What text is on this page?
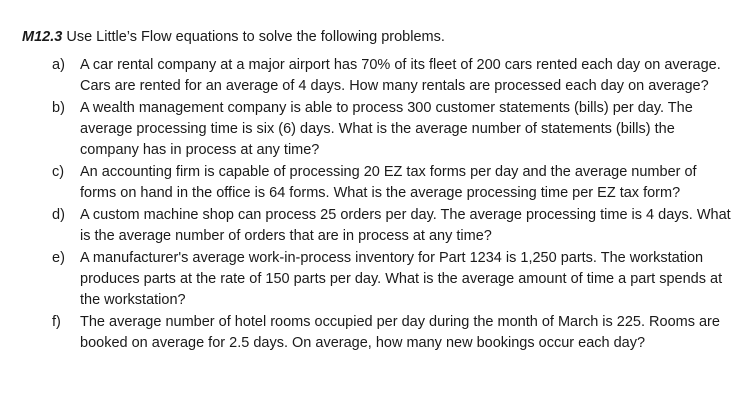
M12.3 Use Little’s Flow equations to solve the following problems.

a) A car rental company at a major airport has 70% of its fleet of 200 cars rented each day on average. Cars are rented for an average of 4 days. How many rentals are processed each day on average?
b) A wealth management company is able to process 300 customer statements (bills) per day. The average processing time is six (6) days. What is the average number of statements (bills) the company has in process at any time?
c) An accounting firm is capable of processing 20 EZ tax forms per day and the average number of forms on hand in the office is 64 forms. What is the average processing time per EZ tax form?
d) A custom machine shop can process 25 orders per day. The average processing time is 4 days. What is the average number of orders that are in process at any time?
e) A manufacturer's average work-in-process inventory for Part 1234 is 1,250 parts. The workstation produces parts at the rate of 150 parts per day. What is the average amount of time a part spends at the workstation?
f) The average number of hotel rooms occupied per day during the month of March is 225. Rooms are booked on average for 2.5 days. On average, how many new bookings occur each day?
